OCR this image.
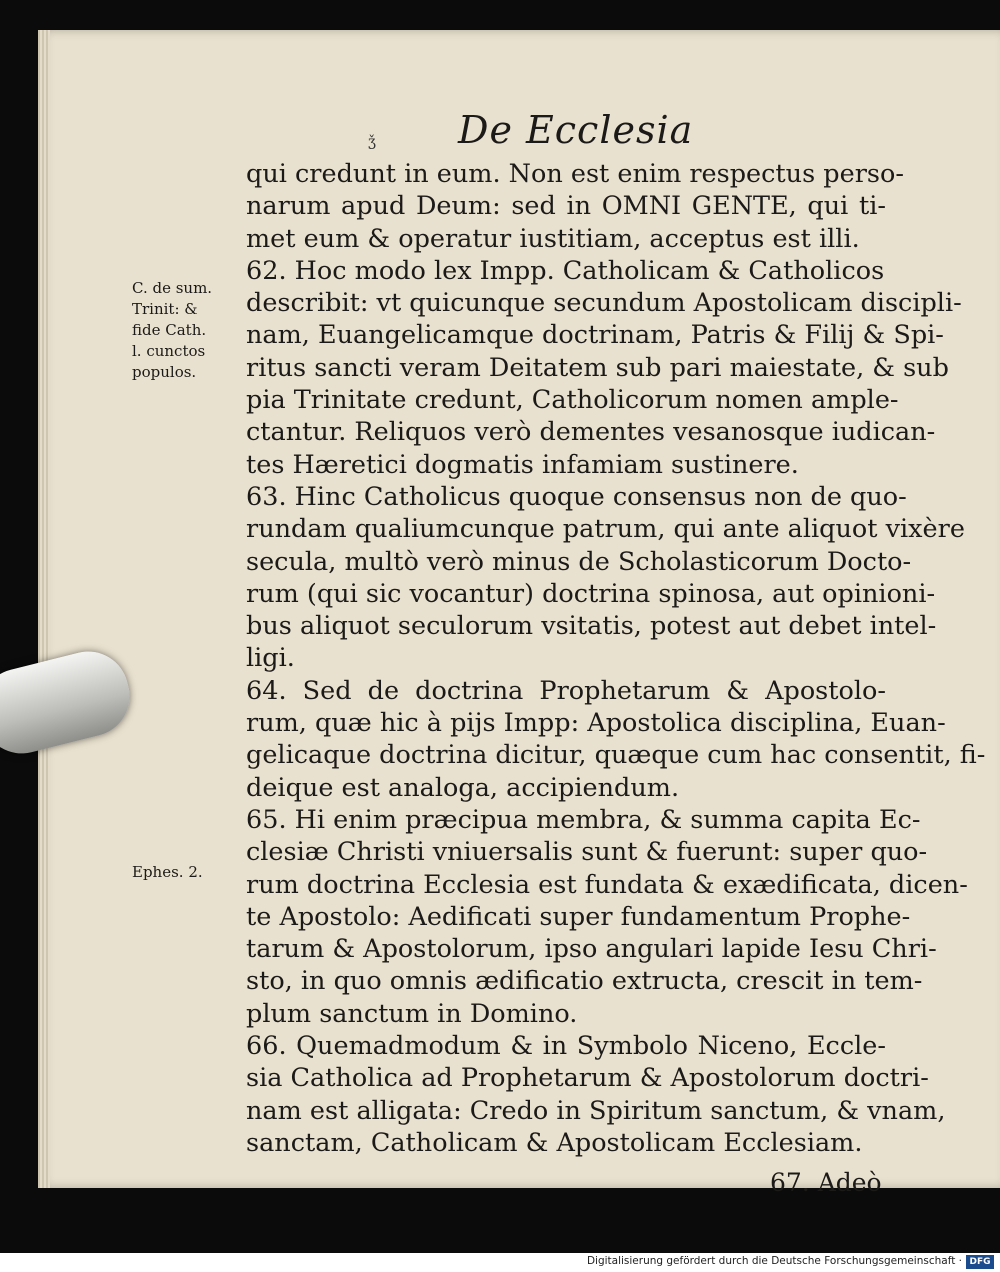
ǯ De Ecclesia
qui credunt in eum. Non est enim respectus perso-
narum apud Deum: sed in OMNI GENTE, qui ti-
met eum & operatur iustitiam, acceptus est illi.
62. Hoc modo lex Impp. Catholicam & Catholicos
describit: vt quicunque secundum Apostolicam discipli-
nam, Euangelicamque doctrinam, Patris & Filij & Spi-
ritus sancti veram Deitatem sub pari maiestate, & sub
pia Trinitate credunt, Catholicorum nomen ample-
ctantur. Reliquos verò dementes vesanosque iudican-
tes Hæretici dogmatis infamiam sustinere.
63. Hinc Catholicus quoque consensus non de quo-
rundam qualiumcunque patrum, qui ante aliquot vixère
secula, multò verò minus de Scholasticorum Docto-
rum (qui sic vocantur) doctrina spinosa, aut opinioni-
bus aliquot seculorum vsitatis, potest aut debet intel-
ligi.
64. Sed de doctrina Prophetarum & Apostolo-
rum, quæ hic à pijs Impp: Apostolica disciplina, Euan-
gelicaque doctrina dicitur, quæque cum hac consentit, fi-
deique est analoga, accipiendum.
65. Hi enim præcipua membra, & summa capita Ec-
clesiæ Christi vniuersalis sunt & fuerunt: super quo-
rum doctrina Ecclesia est fundata & exædificata, dicen-
te Apostolo: Aedificati super fundamentum Prophe-
tarum & Apostolorum, ipso angulari lapide Iesu Chri-
sto, in quo omnis ædificatio extructa, crescit in tem-
plum sanctum in Domino.
66. Quemadmodum & in Symbolo Niceno, Eccle-
sia Catholica ad Prophetarum & Apostolorum doctri-
nam est alligata: Credo in Spiritum sanctum, & vnam,
sanctam, Catholicam & Apostolicam Ecclesiam.
C. de sum.
Trinit: &
fide Cath.
l. cunctos
populos.
Ephes. 2.
67. Adeò
Digitalisierung gefördert durch die Deutsche Forschungsgemeinschaft · DFG
